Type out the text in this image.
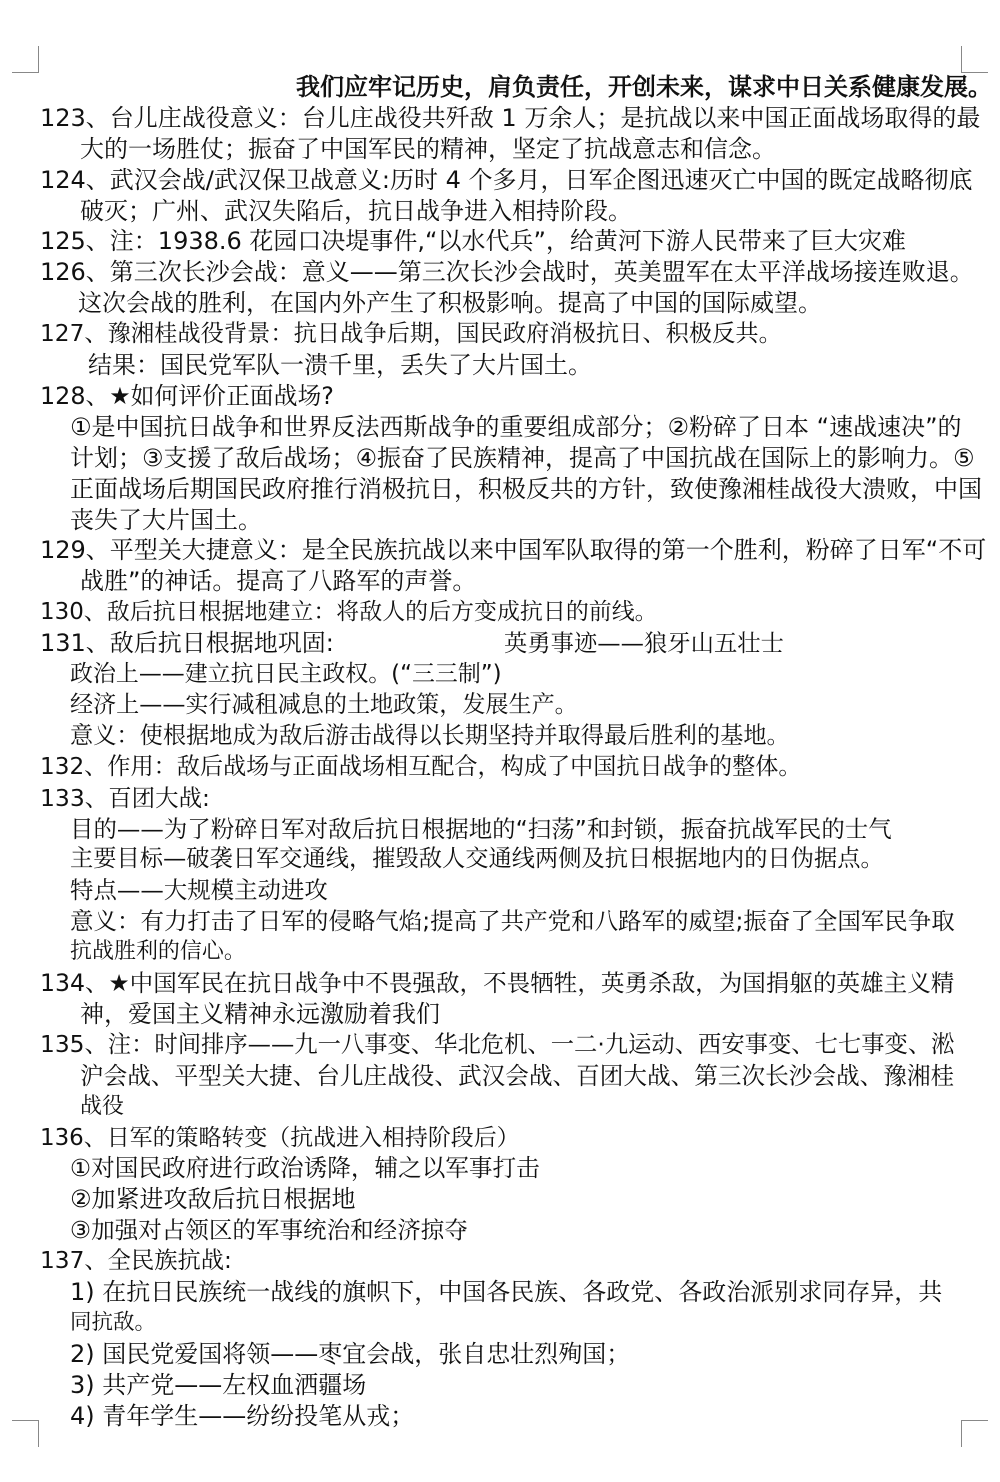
我们应牢记历史，肩负责任，开创未来，谋求中日关系健康发展。
123、台儿庄战役意义：台儿庄战役共歼敌 1 万余人；是抗战以来中国正面战场取得的最
大的一场胜仗；振奋了中国军民的精神，坚定了抗战意志和信念。
124、武汉会战/武汉保卫战意义:历时 4 个多月，日军企图迅速灭亡中国的既定战略彻底
破灭；广州、武汉失陷后，抗日战争进入相持阶段。
125、注：1938.6 花园口决堤事件,“以水代兵”，给黄河下游人民带来了巨大灾难
126、第三次长沙会战：意义——第三次长沙会战时，英美盟军在太平洋战场接连败退。
这次会战的胜利，在国内外产生了积极影响。提高了中国的国际威望。
127、豫湘桂战役背景：抗日战争后期，国民政府消极抗日、积极反共。
结果：国民党军队一溃千里，丢失了大片国土。
128、★如何评价正面战场?
①是中国抗日战争和世界反法西斯战争的重要组成部分；②粉碎了日本 “速战速决”的
计划；③支援了敌后战场；④振奋了民族精神，提高了中国抗战在国际上的影响力。⑤
正面战场后期国民政府推行消极抗日，积极反共的方针，致使豫湘桂战役大溃败，中国
丧失了大片国土。
129、平型关大捷意义：是全民族抗战以来中国军队取得的第一个胜利，粉碎了日军“不可
战胜”的神话。提高了八路军的声誉。
130、敌后抗日根据地建立：将敌人的后方变成抗日的前线。
131、敌后抗日根据地巩固:	英勇事迹——狼牙山五壮士
政治上——建立抗日民主政权。(“三三制”)
经济上——实行减租减息的土地政策，发展生产。
意义：使根据地成为敌后游击战得以长期坚持并取得最后胜利的基地。
132、作用：敌后战场与正面战场相互配合，构成了中国抗日战争的整体。
133、百团大战:
目的——为了粉碎日军对敌后抗日根据地的“扫荡”和封锁，振奋抗战军民的士气
主要目标—破袭日军交通线，摧毁敌人交通线两侧及抗日根据地内的日伪据点。
特点——大规模主动进攻
意义：有力打击了日军的侵略气焰;提高了共产党和八路军的威望;振奋了全国军民争取
抗战胜利的信心。
134、★中国军民在抗日战争中不畏强敌，不畏牺牲，英勇杀敌，为国捐躯的英雄主义精
神，爱国主义精神永远激励着我们
135、注：时间排序——九一八事变、华北危机、一二·九运动、西安事变、七七事变、淞
沪会战、平型关大捷、台儿庄战役、武汉会战、百团大战、第三次长沙会战、豫湘桂
战役
136、日军的策略转变（抗战进入相持阶段后）
①对国民政府进行政治诱降，辅之以军事打击
②加紧进攻敌后抗日根据地
③加强对占领区的军事统治和经济掠夺
137、全民族抗战:
1) 在抗日民族统一战线的旗帜下，中国各民族、各政党、各政治派别求同存异，共
同抗敌。
2) 国民党爱国将领——枣宜会战，张自忠壮烈殉国；
3) 共产党——左权血洒疆场
4) 青年学生——纷纷投笔从戎；
